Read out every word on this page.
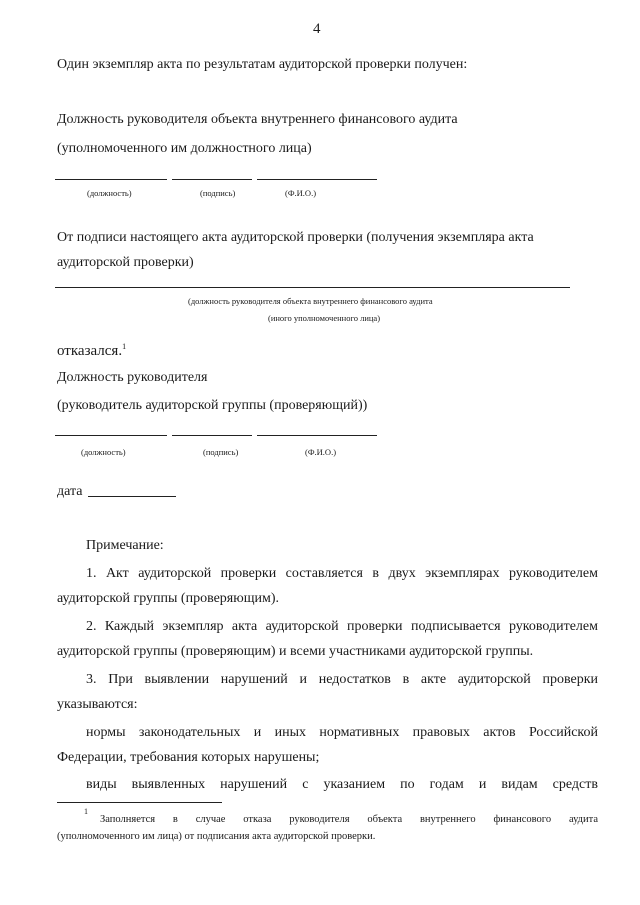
4
Один экземпляр акта по результатам аудиторской проверки получен:
Должность руководителя объекта внутреннего финансового аудита
(уполномоченного им должностного лица)
(должность)	(подпись)	(Ф.И.О.)
От подписи настоящего акта аудиторской проверки (получения экземпляра акта
аудиторской проверки)
(должность руководителя объекта внутреннего финансового аудита
(иного уполномоченного лица)
отказался.$^1$
Должность руководителя
(руководитель аудиторской группы (проверяющий))
(должность)	(подпись)	(Ф.И.О.)
дата
Примечание:
1. Акт аудиторской проверки составляется в двух экземплярах руководителем
аудиторской группы (проверяющим).
2. Каждый экземпляр акта аудиторской проверки подписывается руководителем
аудиторской группы (проверяющим) и всеми участниками аудиторской группы.
3. При выявлении нарушений и недостатков в акте аудиторской проверки
указываются:
нормы законодательных и иных нормативных правовых актов Российской
Федерации, требования которых нарушены;
виды выявленных нарушений с указанием по годам и видам средств
1
Заполняется в случае отказа руководителя объекта внутреннего финансового аудита
(уполномоченного им лица) от подписания акта аудиторской проверки.
